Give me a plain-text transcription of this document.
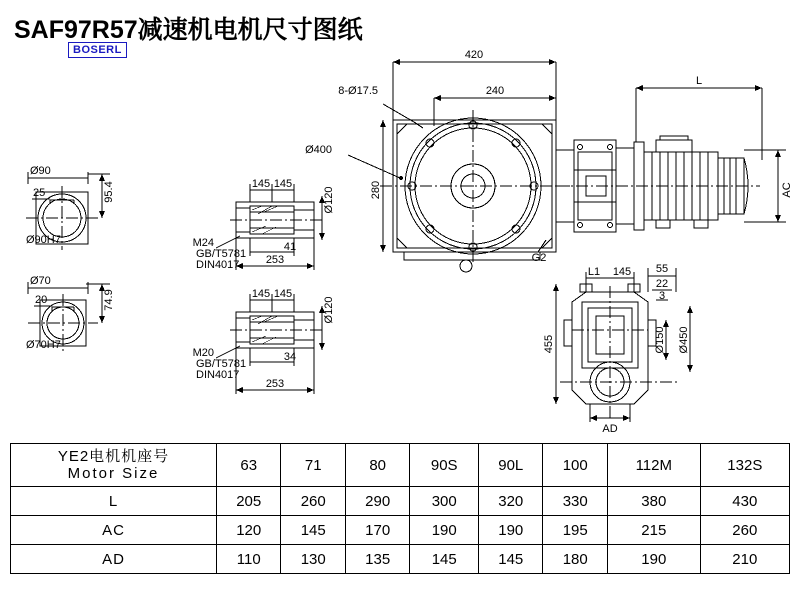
SAF97R57减速机电机尺寸图纸
BOSERL	420
240
L
8-Ø17.5
Ø400
280	AC
G2
Ø90
Ø90H7
25	95.4
Ø70
Ø70H7
20	74.9
145 145
Ø120
M24
GB/T5781
DIN4017
41
253
145 145
Ø120
M20
GB/T5781
DIN4017
34
253
L1 145 55
22
3
455	Ø150 Ø450
AD
YE2电机机座号
Motor Size	63	71	80	90S	90L	100	112M	132S
L	205	260	290	300	320	330	380	430
AC	120	145	170	190	190	195	215	260
AD	110	130	135	145	145	180	190	210
